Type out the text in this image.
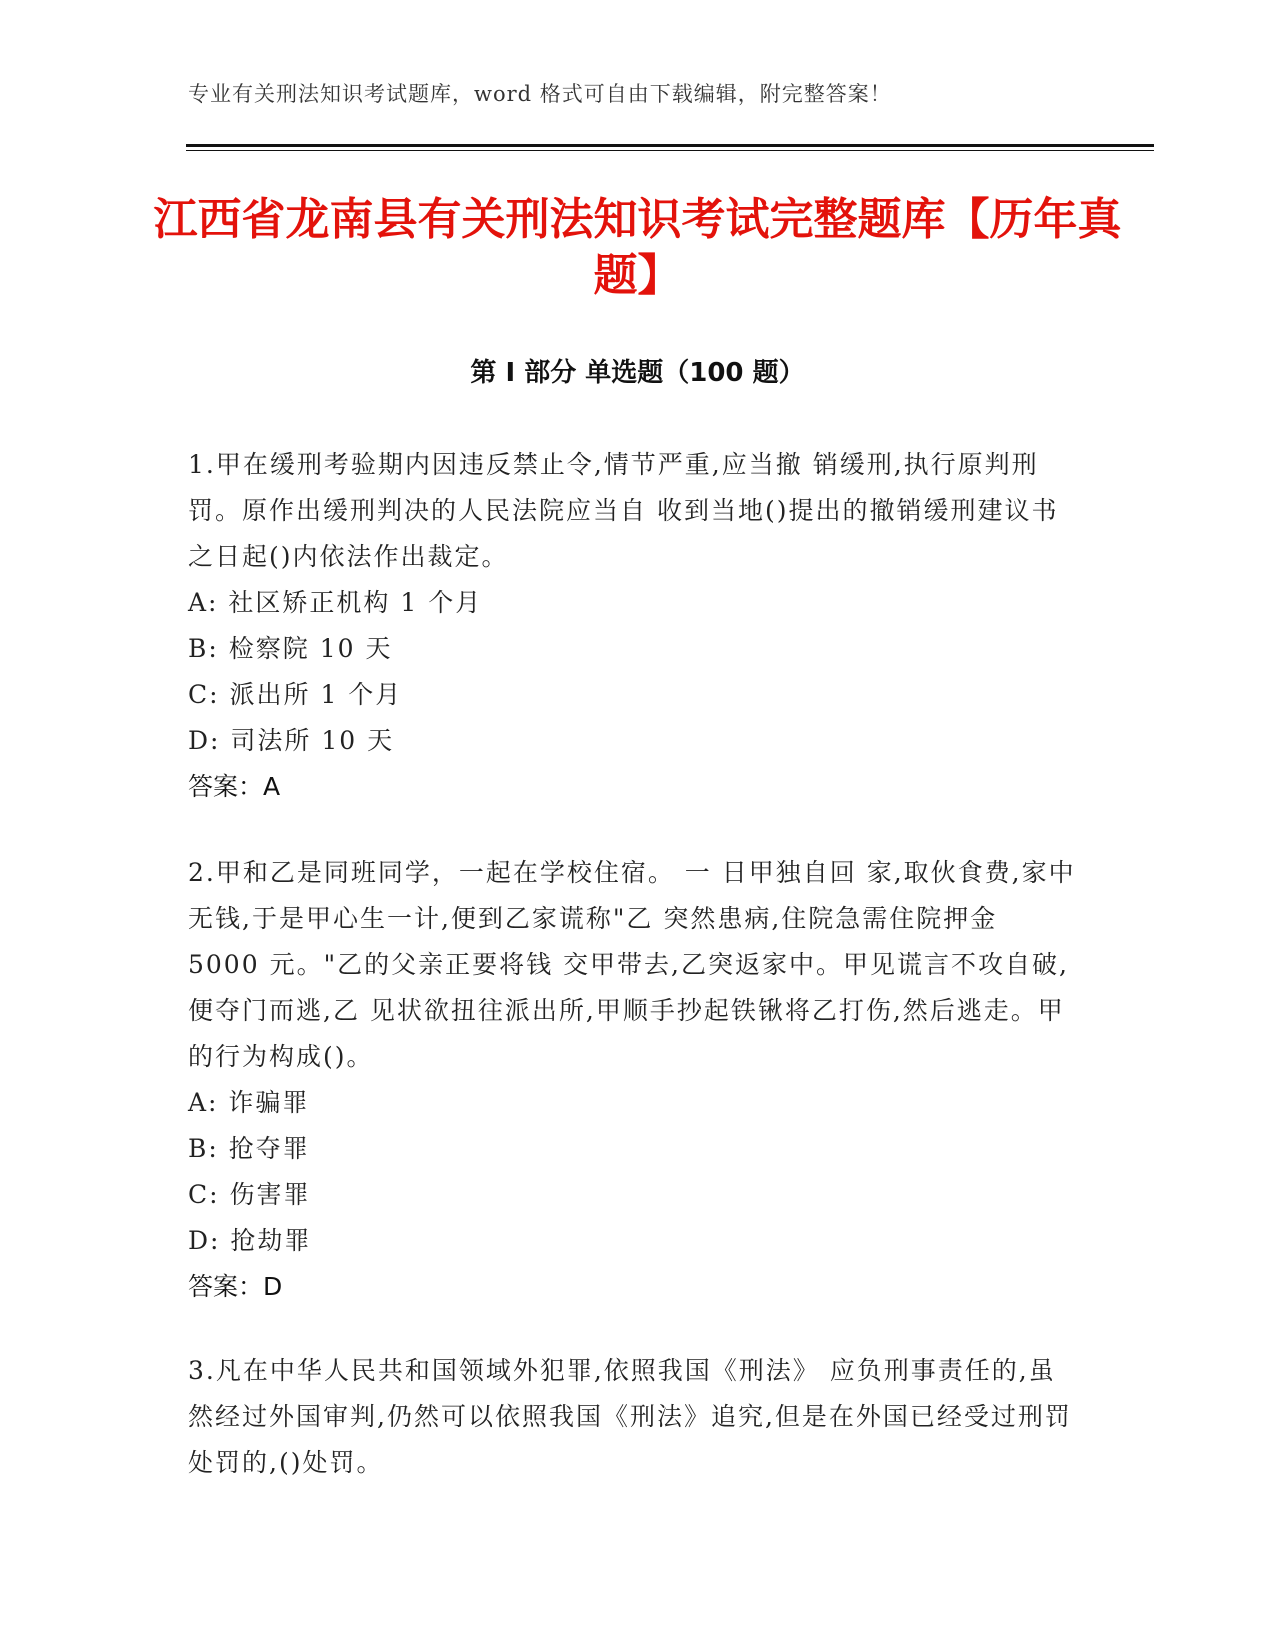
专业有关刑法知识考试题库，word 格式可自由下载编辑，附完整答案！
江西省龙南县有关刑法知识考试完整题库【历年真题】
第 I 部分 单选题（100 题）

1.甲在缓刑考验期内因违反禁止令,情节严重,应当撤 销缓刑,执行原判刑罚。原作出缓刑判决的人民法院应当自 收到当地()提出的撤销缓刑建议书之日起()内依法作出裁定。

A: 社区矫正机构 1 个月

B: 检察院 10 天

C: 派出所 1 个月

D: 司法所 10 天

答案：A

2.甲和乙是同班同学，一起在学校住宿。 一 日甲独自回 家,取伙食费,家中无钱,于是甲心生一计,便到乙家谎称"乙 突然患病,住院急需住院押金 5000 元。"乙的父亲正要将钱 交甲带去,乙突返家中。甲见谎言不攻自破,便夺门而逃,乙 见状欲扭往派出所,甲顺手抄起铁锹将乙打伤,然后逃走。甲的行为构成()。

A: 诈骗罪

B: 抢夺罪

C: 伤害罪

D: 抢劫罪

答案：D

3.凡在中华人民共和国领域外犯罪,依照我国《刑法》 应负刑事责任的,虽然经过外国审判,仍然可以依照我国《刑法》追究,但是在外国已经受过刑罚处罚的,()处罚。
